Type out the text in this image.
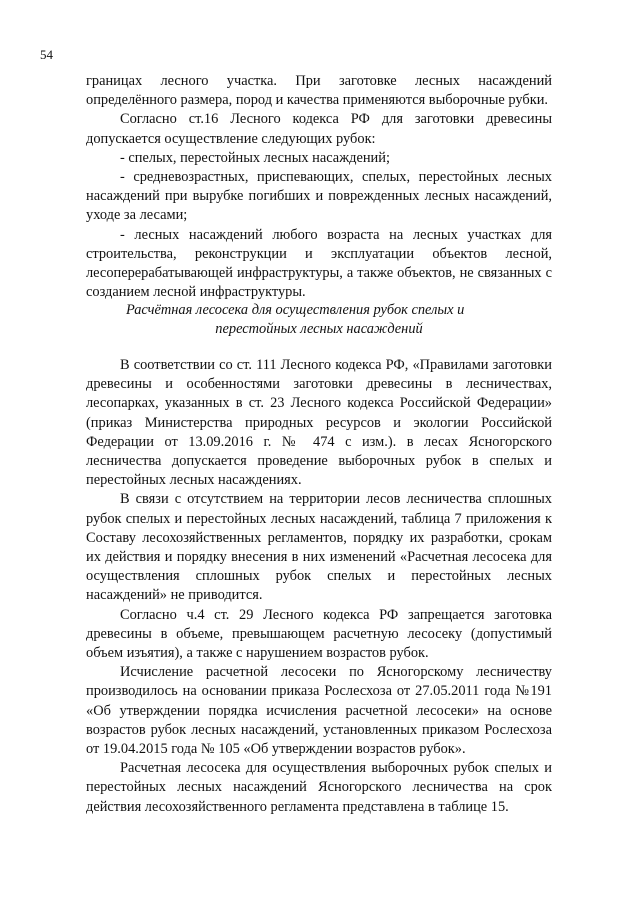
54

границах лесного участка. При заготовке лесных насаждений определённого размера, пород и качества применяются выборочные рубки.

Согласно ст.16 Лесного кодекса РФ для заготовки древесины допускается осуществление следующих рубок:

- спелых, перестойных лесных насаждений;

- средневозрастных, приспевающих, спелых, перестойных лесных насаждений при вырубке погибших и поврежденных лесных насаждений, уходе за лесами;

- лесных насаждений любого возраста на лесных участках для строительства, реконструкции и эксплуатации объектов лесной, лесоперерабатывающей инфраструктуры, а также объектов, не связанных с созданием лесной инфраструктуры.

Расчётная лесосека для осуществления рубок спелых и
перестойных лесных насаждений

В соответствии со ст. 111 Лесного кодекса РФ, «Правилами заготовки древесины и особенностями заготовки древесины в лесничествах, лесопарках, указанных в ст. 23 Лесного кодекса Российской Федерации» (приказ Министерства природных ресурсов и экологии Российской Федерации от 13.09.2016 г. № 474 с изм.). в лесах Ясногорского лесничества допускается проведение выборочных рубок в спелых и перестойных лесных насаждениях.

В связи с отсутствием на территории лесов лесничества сплошных рубок спелых и перестойных лесных насаждений, таблица 7 приложения к Составу лесохозяйственных регламентов, порядку их разработки, срокам их действия и порядку внесения в них изменений «Расчетная лесосека для осуществления сплошных рубок спелых и перестойных лесных насаждений» не приводится.

Согласно ч.4 ст. 29 Лесного кодекса РФ запрещается заготовка древесины в объеме, превышающем расчетную лесосеку (допустимый объем изъятия), а также с нарушением возрастов рубок.

Исчисление расчетной лесосеки по Ясногорскому лесничеству производилось на основании приказа Рослесхоза от 27.05.2011 года №191 «Об утверждении порядка исчисления расчетной лесосеки» на основе возрастов рубок лесных насаждений, установленных приказом Рослесхоза от 19.04.2015 года № 105 «Об утверждении возрастов рубок».

Расчетная лесосека для осуществления выборочных рубок спелых и перестойных лесных насаждений Ясногорского лесничества на срок действия лесохозяйственного регламента представлена в таблице 15.
